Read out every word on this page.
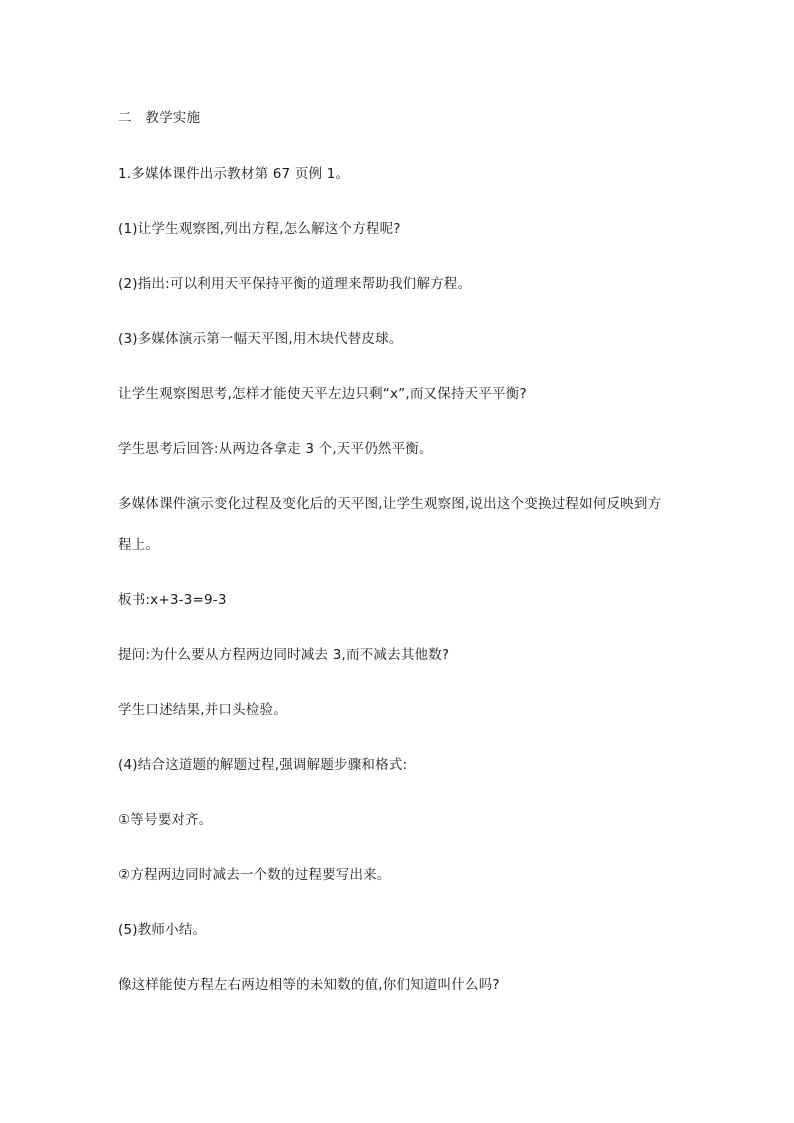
二　教学实施
1.多媒体课件出示教材第 67 页例 1。
(1)让学生观察图,列出方程,怎么解这个方程呢?
(2)指出:可以利用天平保持平衡的道理来帮助我们解方程。
(3)多媒体演示第一幅天平图,用木块代替皮球。
让学生观察图思考,怎样才能使天平左边只剩“x”,而又保持天平平衡?
学生思考后回答:从两边各拿走 3 个,天平仍然平衡。
多媒体课件演示变化过程及变化后的天平图,让学生观察图,说出这个变换过程如何反映到方
程上。
板书:x+3-3=9-3
提问:为什么要从方程两边同时减去 3,而不减去其他数?
学生口述结果,并口头检验。
(4)结合这道题的解题过程,强调解题步骤和格式:
①等号要对齐。
②方程两边同时减去一个数的过程要写出来。
(5)教师小结。
像这样能使方程左右两边相等的未知数的值,你们知道叫什么吗?
